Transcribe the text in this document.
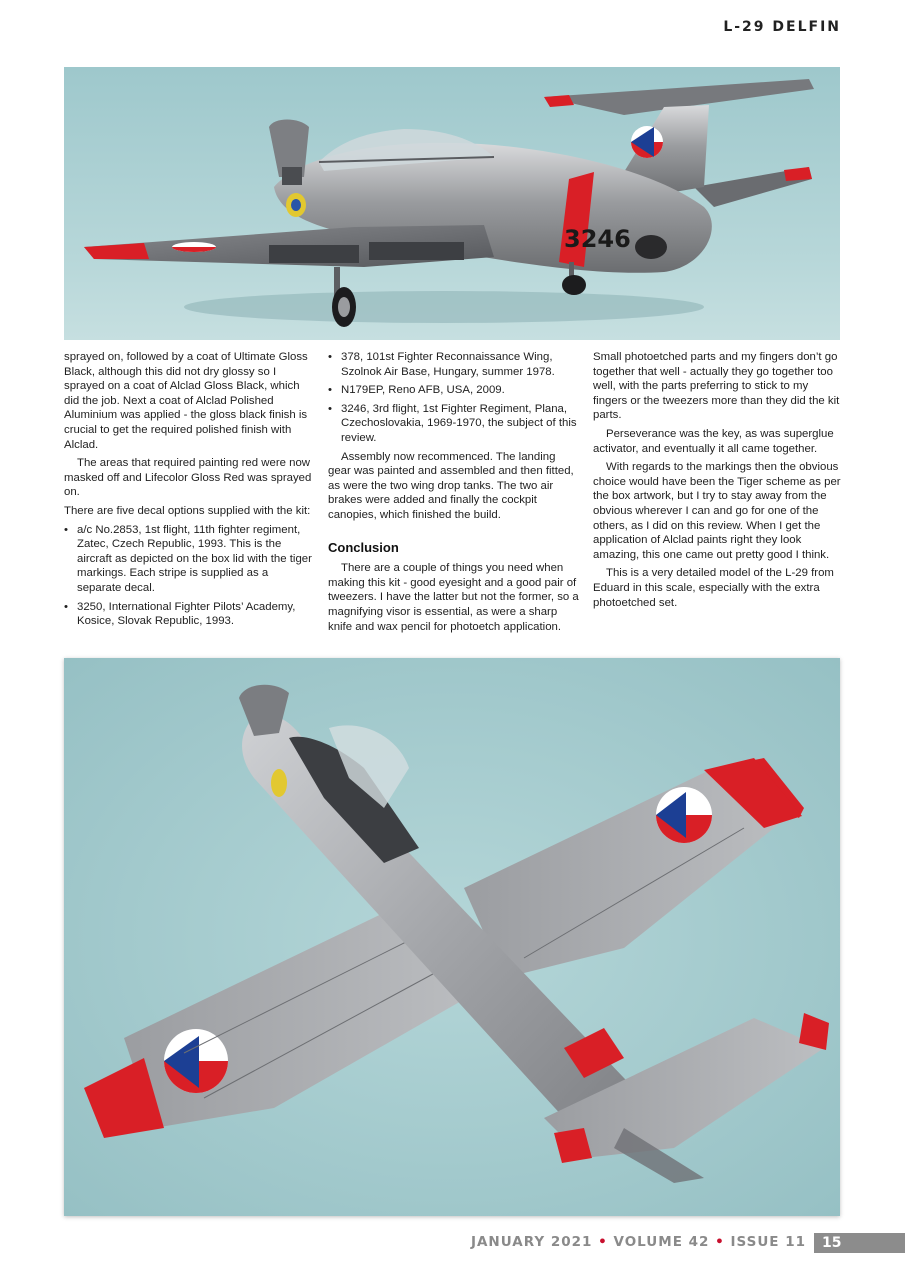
L-29 DELFIN
3246

sprayed on, followed by a coat of Ultimate Gloss Black, although this did not dry glossy so I sprayed on a coat of Alclad Gloss Black, which did the job. Next a coat of Alclad Polished Aluminium was applied - the gloss black finish is crucial to get the required polished finish with Alclad.

The areas that required painting red were now masked off and Lifecolor Gloss Red was sprayed on.

There are five decal options supplied with the kit:

• a/c No.2853, 1st flight, 11th fighter regiment, Zatec, Czech Republic, 1993. This is the aircraft as depicted on the box lid with the tiger markings. Each stripe is supplied as a separate decal.
• 3250, International Fighter Pilots’ Academy, Kosice, Slovak Republic, 1993.
• 378, 101st Fighter Reconnaissance Wing, Szolnok Air Base, Hungary, summer 1978.
• N179EP, Reno AFB, USA, 2009.
• 3246, 3rd flight, 1st Fighter Regiment, Plana, Czechoslovakia, 1969-1970, the subject of this review.

Assembly now recommenced. The landing gear was painted and assembled and then fitted, as were the two wing drop tanks. The two air brakes were added and finally the cockpit canopies, which finished the build.

Conclusion

There are a couple of things you need when making this kit - good eyesight and a good pair of tweezers. I have the latter but not the former, so a magnifying visor is essential, as were a sharp knife and wax pencil for photoetch application.

Small photoetched parts and my fingers don’t go together that well - actually they go together too well, with the parts preferring to stick to my fingers or the tweezers more than they did the kit parts.

Perseverance was the key, as was superglue activator, and eventually it all came together.

With regards to the markings then the obvious choice would have been the Tiger scheme as per the box artwork, but I try to stay away from the obvious wherever I can and go for one of the others, as I did on this review. When I get the application of Alclad paints right they look amazing, this one came out pretty good I think.

This is a very detailed model of the L-29 from Eduard in this scale, especially with the extra photoetched set.

JANUARY 2021 • VOLUME 42 • ISSUE 11	15
